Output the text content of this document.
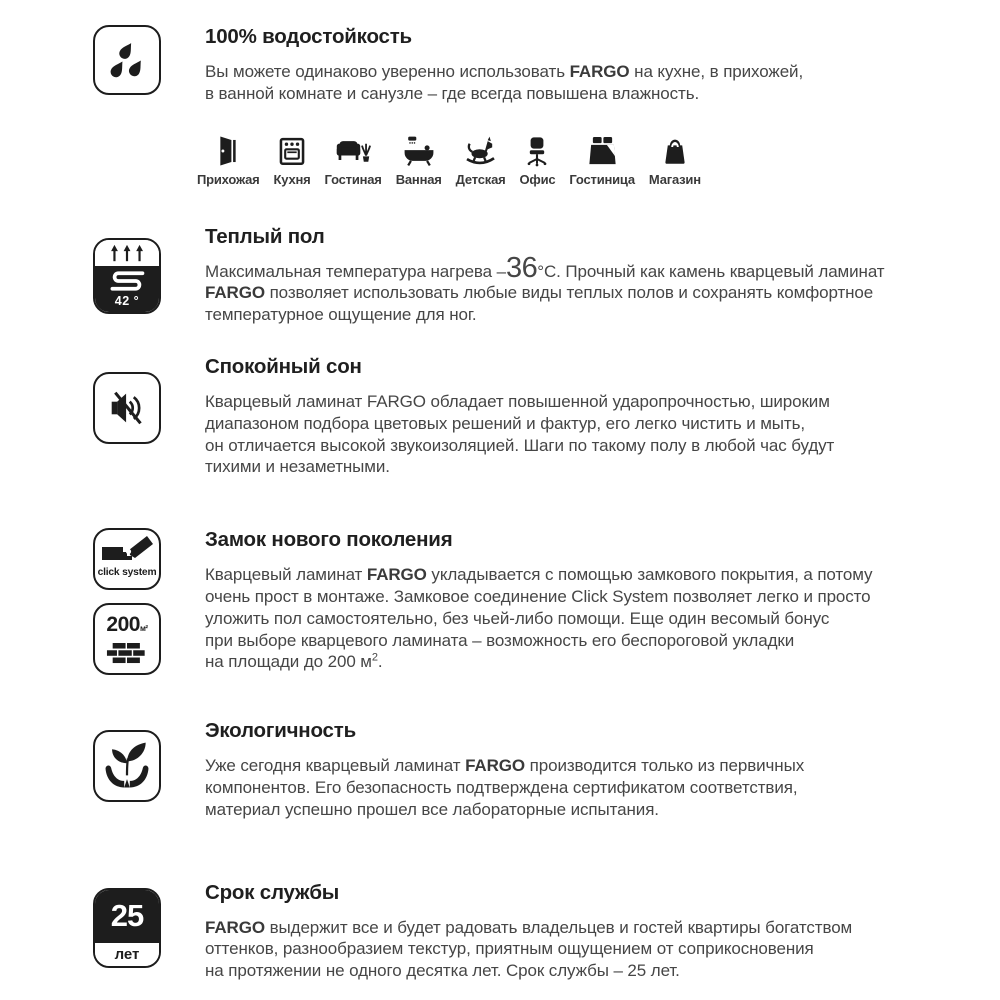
100% водостойкость

Вы можете одинаково уверенно использовать FARGO на кухне, в прихожей,
в ванной комнате и санузле – где всегда повышена влажность.

Прихожая Кухня Гостиная Ванная Детская Офис Гостиница Магазин
42 °
Теплый пол

Максимальная температура нагрева –36°С. Прочный как камень кварцевый ламинат
FARGO позволяет использовать любые виды теплых полов и сохранять комфортное
температурное ощущение для ног.

Спокойный сон

Кварцевый ламинат FARGO обладает повышенной ударопрочностью, широким
диапазоном подбора цветовых решений и фактур, его легко чистить и мыть,
он отличается высокой звукоизоляцией. Шаги по такому полу в любой час будут
тихими и незаметными.

click system
200м²
Замок нового поколения

Кварцевый ламинат FARGO укладывается с помощью замкового покрытия, а потому
очень прост в монтаже. Замковое соединение Click System позволяет легко и просто
уложить пол самостоятельно, без чьей-либо помощи. Еще один весомый бонус
при выборе кварцевого ламината – возможность его беспороговой укладки
на площади до 200 $м^2$.

Экологичность

Уже сегодня кварцевый ламинат FARGO производится только из первичных
компонентов. Его безопасность подтверждена сертификатом соответствия,
материал успешно прошел все лабораторные испытания.

25
лет
Срок службы

FARGO выдержит все и будет радовать владельцев и гостей квартиры богатством
оттенков, разнообразием текстур, приятным ощущением от соприкосновения
на протяжении не одного десятка лет. Срок службы – 25 лет.
